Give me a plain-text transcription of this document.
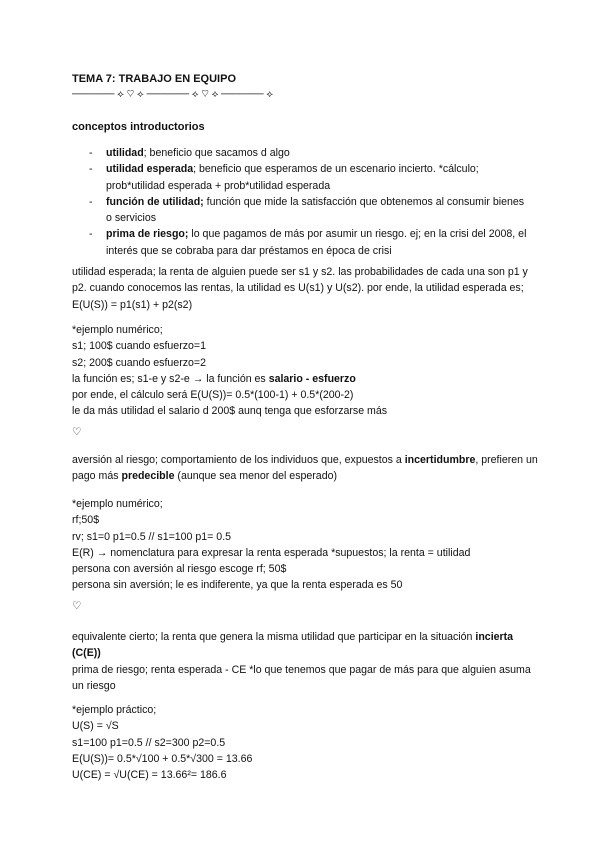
TEMA 7: TRABAJO EN EQUIPO
────── ⟡ ♡ ⟡ ────── ⟡ ♡ ⟡ ────── ⟡
conceptos introductorios
- utilidad; beneficio que sacamos d algo
- utilidad esperada; beneficio que esperamos de un escenario incierto. *cálculo; prob*utilidad esperada + prob*utilidad esperada
- función de utilidad; función que mide la satisfacción que obtenemos al consumir bienes o servicios
- prima de riesgo; lo que pagamos de más por asumir un riesgo. ej; en la crisi del 2008, el interés que se cobraba para dar préstamos en época de crisi

utilidad esperada; la renta de alguien puede ser s1 y s2. las probabilidades de cada una son p1 y p2. cuando conocemos las rentas, la utilidad es U(s1) y U(s2). por ende, la utilidad esperada es; E(U(S)) = p1(s1) + p2(s2)

*ejemplo numérico;

s1; 100$ cuando esfuerzo=1

s2; 200$ cuando esfuerzo=2

la función es; s1-e y s2-e → la función es salario - esfuerzo

por ende, el cálculo será E(U(S))= 0.5*(100-1) + 0.5*(200-2)

le da más utilidad el salario d 200$ aunq tenga que esforzarse más

♡

aversión al riesgo; comportamiento de los individuos que, expuestos a incertidumbre, prefieren un pago más predecible (aunque sea menor del esperado)

*ejemplo numérico;

rf;50$

rv; s1=0 p1=0.5 // s1=100 p1= 0.5

E(R) → nomenclatura para expresar la renta esperada *supuestos; la renta = utilidad

persona con aversión al riesgo escoge rf; 50$

persona sin aversión; le es indiferente, ya que la renta esperada es 50

♡

equivalente cierto; la renta que genera la misma utilidad que participar en la situación incierta (C(E))

prima de riesgo; renta esperada - CE *lo que tenemos que pagar de más para que alguien asuma un riesgo

*ejemplo práctico;

U(S) = √S

s1=100 p1=0.5 // s2=300 p2=0.5

E(U(S))= 0.5*√100 + 0.5*√300 = 13.66

U(CE) = √U(CE) = 13.66²= 186.6
